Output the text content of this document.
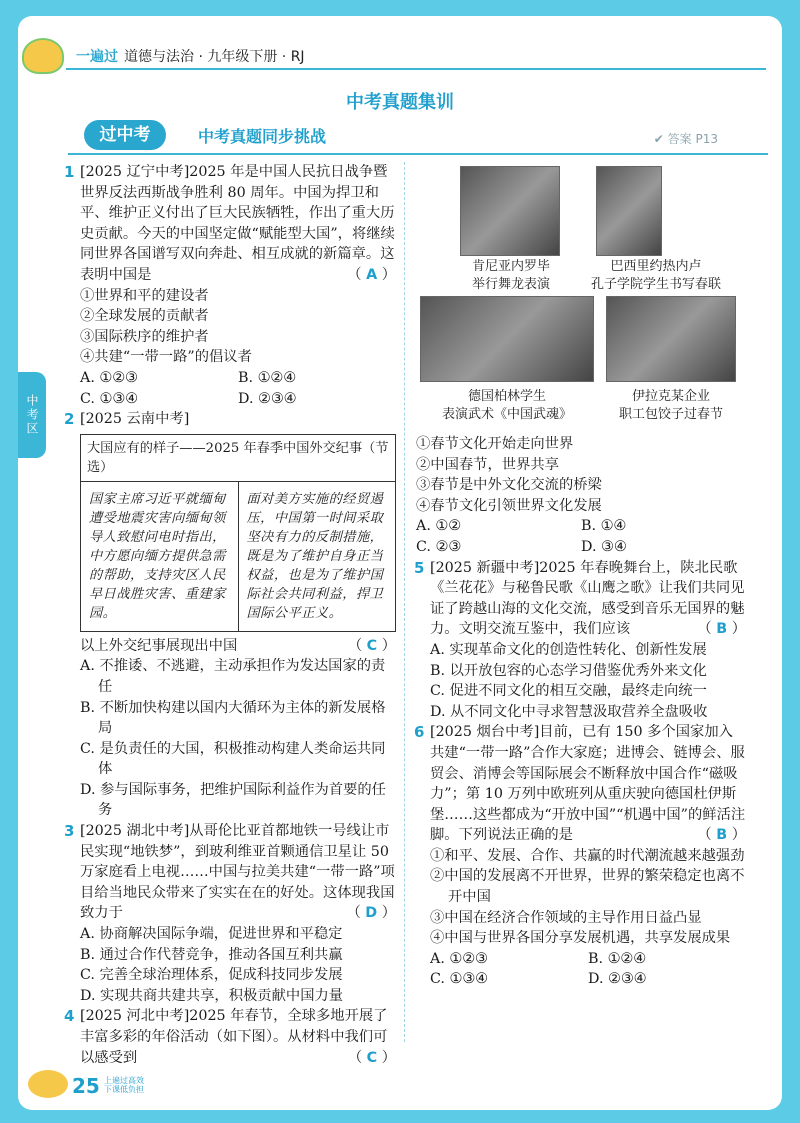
一遍过 道德与法治 · 九年级下册 · RJ
中考真题集训
过中考	中考真题同步挑战	✔ 答案 P13
中考区
1 [2025 辽宁中考]2025 年是中国人民抗日战争暨世界反法西斯战争胜利 80 周年。中国为捍卫和平、维护正义付出了巨大民族牺牲，作出了重大历史贡献。今天的中国坚定做“赋能型大国”，将继续同世界各国谱写双向奔赴、相互成就的新篇章。这表明中国是	（ A ）
①世界和平的建设者
②全球发展的贡献者
③国际秩序的维护者
④共建“一带一路”的倡议者
A. ①②③	B. ①②④
C. ①③④	D. ②③④
2 [2025 云南中考]
大国应有的样子——2025 年春季中国外交纪事（节选）
国家主席习近平就缅甸遭受地震灾害向缅甸领导人致慰问电时指出，中方愿向缅方提供急需的帮助，支持灾区人民早日战胜灾害、重建家园。
面对美方实施的经贸遏压，中国第一时间采取坚决有力的反制措施，既是为了维护自身正当权益，也是为了维护国际社会共同利益，捍卫国际公平正义。
以上外交纪事展现出中国	（ C ）
A. 不推诿、不逃避，主动承担作为发达国家的责任
B. 不断加快构建以国内大循环为主体的新发展格局
C. 是负责任的大国，积极推动构建人类命运共同体
D. 参与国际事务，把维护国际利益作为首要的任务
3 [2025 湖北中考]从哥伦比亚首都地铁一号线让市民实现“地铁梦”，到玻利维亚首颗通信卫星让 50 万家庭看上电视……中国与拉美共建“一带一路”项目给当地民众带来了实实在在的好处。这体现我国致力于	（ D ）
A. 协商解决国际争端，促进世界和平稳定
B. 通过合作代替竞争，推动各国互利共赢
C. 完善全球治理体系，促成科技同步发展
D. 实现共商共建共享，积极贡献中国力量
4 [2025 河北中考]2025 年春节，全球多地开展了丰富多彩的年俗活动（如下图）。从材料中我们可以感受到	（ C ）
肯尼亚内罗毕
举行舞龙表演
巴西里约热内卢
孔子学院学生书写春联
德国柏林学生
表演武术《中国武魂》
伊拉克某企业
职工包饺子过春节
①春节文化开始走向世界
②中国春节，世界共享
③春节是中外文化交流的桥梁
④春节文化引领世界文化发展
A. ①②	B. ①④
C. ②③	D. ③④
5 [2025 新疆中考]2025 年春晚舞台上，陕北民歌《兰花花》与秘鲁民歌《山鹰之歌》让我们共同见证了跨越山海的文化交流，感受到音乐无国界的魅力。文明交流互鉴中，我们应该	（ B ）
A. 实现革命文化的创造性转化、创新性发展
B. 以开放包容的心态学习借鉴优秀外来文化
C. 促进不同文化的相互交融，最终走向统一
D. 从不同文化中寻求智慧汲取营养全盘吸收
6 [2025 烟台中考]目前，已有 150 多个国家加入共建“一带一路”合作大家庭；进博会、链博会、服贸会、消博会等国际展会不断释放中国合作“磁吸力”；第 10 万列中欧班列从重庆驶向德国杜伊斯堡……这些都成为“开放中国”“机遇中国”的鲜活注脚。下列说法正确的是	（ B ）
①和平、发展、合作、共赢的时代潮流越来越强劲
②中国的发展离不开世界，世界的繁荣稳定也离不开中国
③中国在经济合作领域的主导作用日益凸显
④中国与世界各国分享发展机遇，共享发展成果
A. ①②③	B. ①②④
C. ①③④	D. ②③④
25 上遍过高效
下课低负担
